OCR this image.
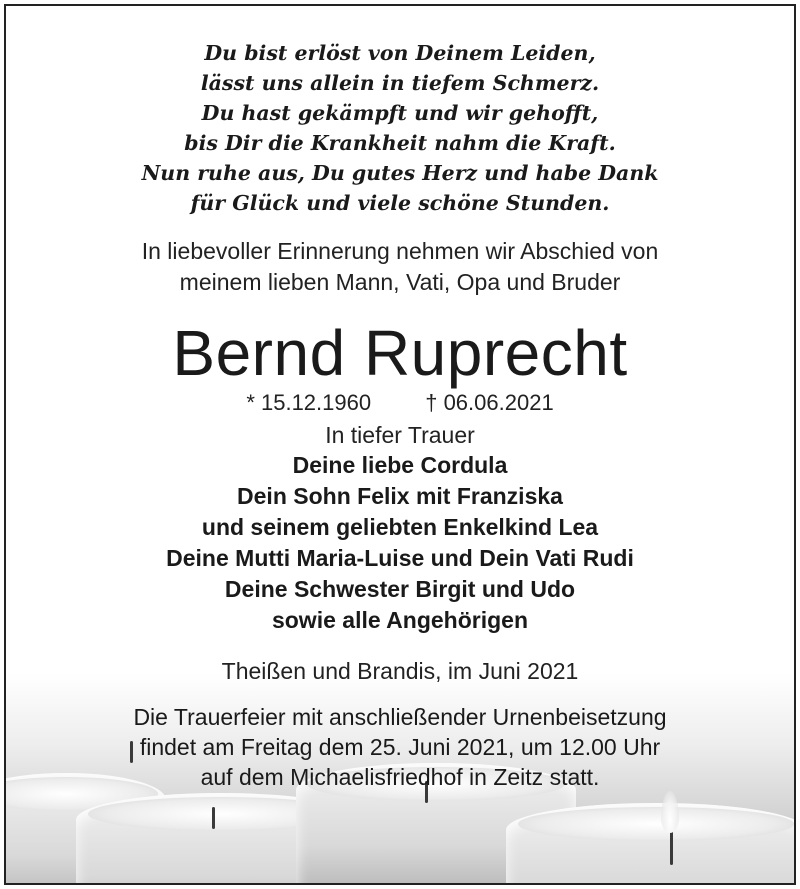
Du bist erlöst von Deinem Leiden,
lässt uns allein in tiefem Schmerz.
Du hast gekämpft und wir gehofft,
bis Dir die Krankheit nahm die Kraft.
Nun ruhe aus, Du gutes Herz und habe Dank
für Glück und viele schöne Stunden.
In liebevoller Erinnerung nehmen wir Abschied von
meinem lieben Mann, Vati, Opa und Bruder
Bernd Ruprecht
* 15.12.1960 † 06.06.2021
In tiefer Trauer
Deine liebe Cordula
Dein Sohn Felix mit Franziska
und seinem geliebten Enkelkind Lea
Deine Mutti Maria-Luise und Dein Vati Rudi
Deine Schwester Birgit und Udo
sowie alle Angehörigen
Theißen und Brandis, im Juni 2021
Die Trauerfeier mit anschließender Urnenbeisetzung
findet am Freitag dem 25. Juni 2021, um 12.00 Uhr
auf dem Michaelisfriedhof in Zeitz statt.
